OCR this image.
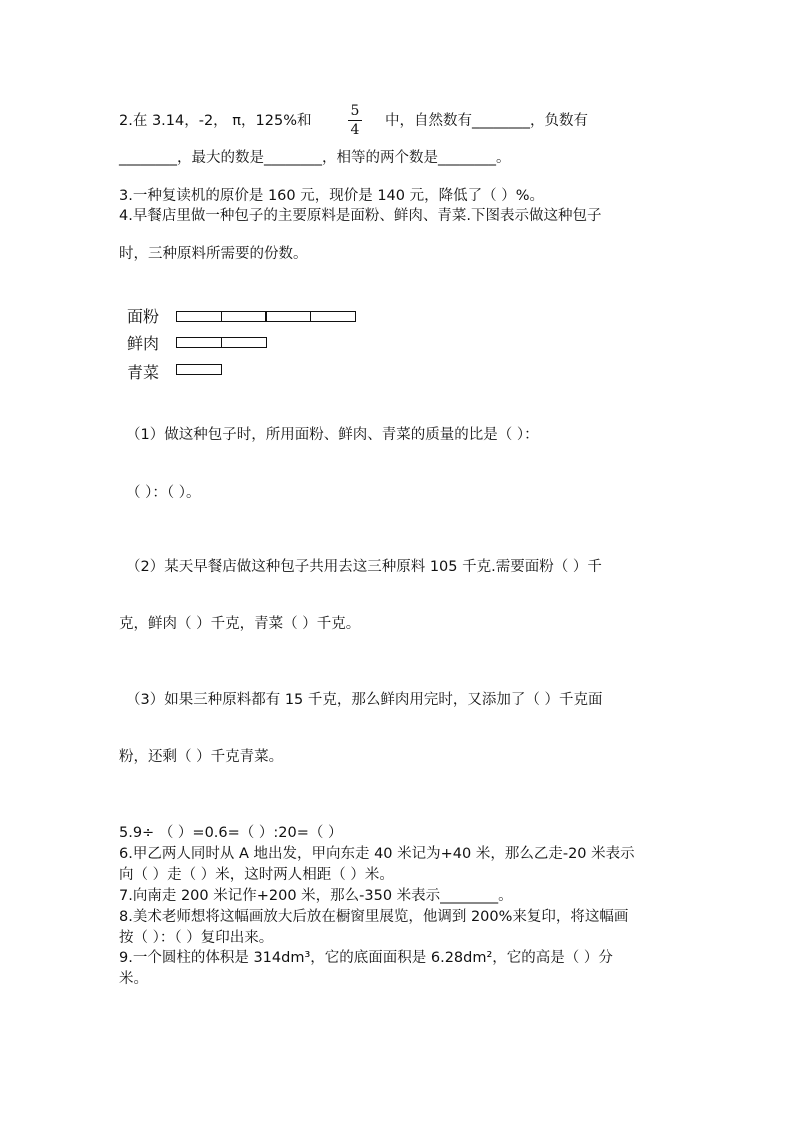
2.在 3.14，-2， π，125%和
5
4
中，自然数有________，负数有
________，最大的数是________，相等的两个数是________。
3.一种复读机的原价是 160 元，现价是 140 元，降低了（ ）%。
4.早餐店里做一种包子的主要原料是面粉、鲜肉、青菜.下图表示做这种包子
时，三种原料所需要的份数。
面粉
鲜肉
青菜
（1）做这种包子时，所用面粉、鲜肉、青菜的质量的比是（ ）：
（ ）：（ ）。
（2）某天早餐店做这种包子共用去这三种原料 105 千克.需要面粉（ ）千
克，鲜肉（ ）千克，青菜（ ）千克。
（3）如果三种原料都有 15 千克，那么鲜肉用完时，又添加了（ ）千克面
粉，还剩（ ）千克青菜。
5.9÷ （ ）=0.6=（ ）:20=（ ）
6.甲乙两人同时从 A 地出发，甲向东走 40 米记为+40 米，那么乙走-20 米表示
向（ ）走（ ）米，这时两人相距（ ）米。
7.向南走 200 米记作+200 米，那么-350 米表示________。
8.美术老师想将这幅画放大后放在橱窗里展览，他调到 200%来复印，将这幅画
按（ ）：（ ）复印出来。
9.一个圆柱的体积是 314dm³，它的底面面积是 6.28dm²，它的高是（ ）分
米。
